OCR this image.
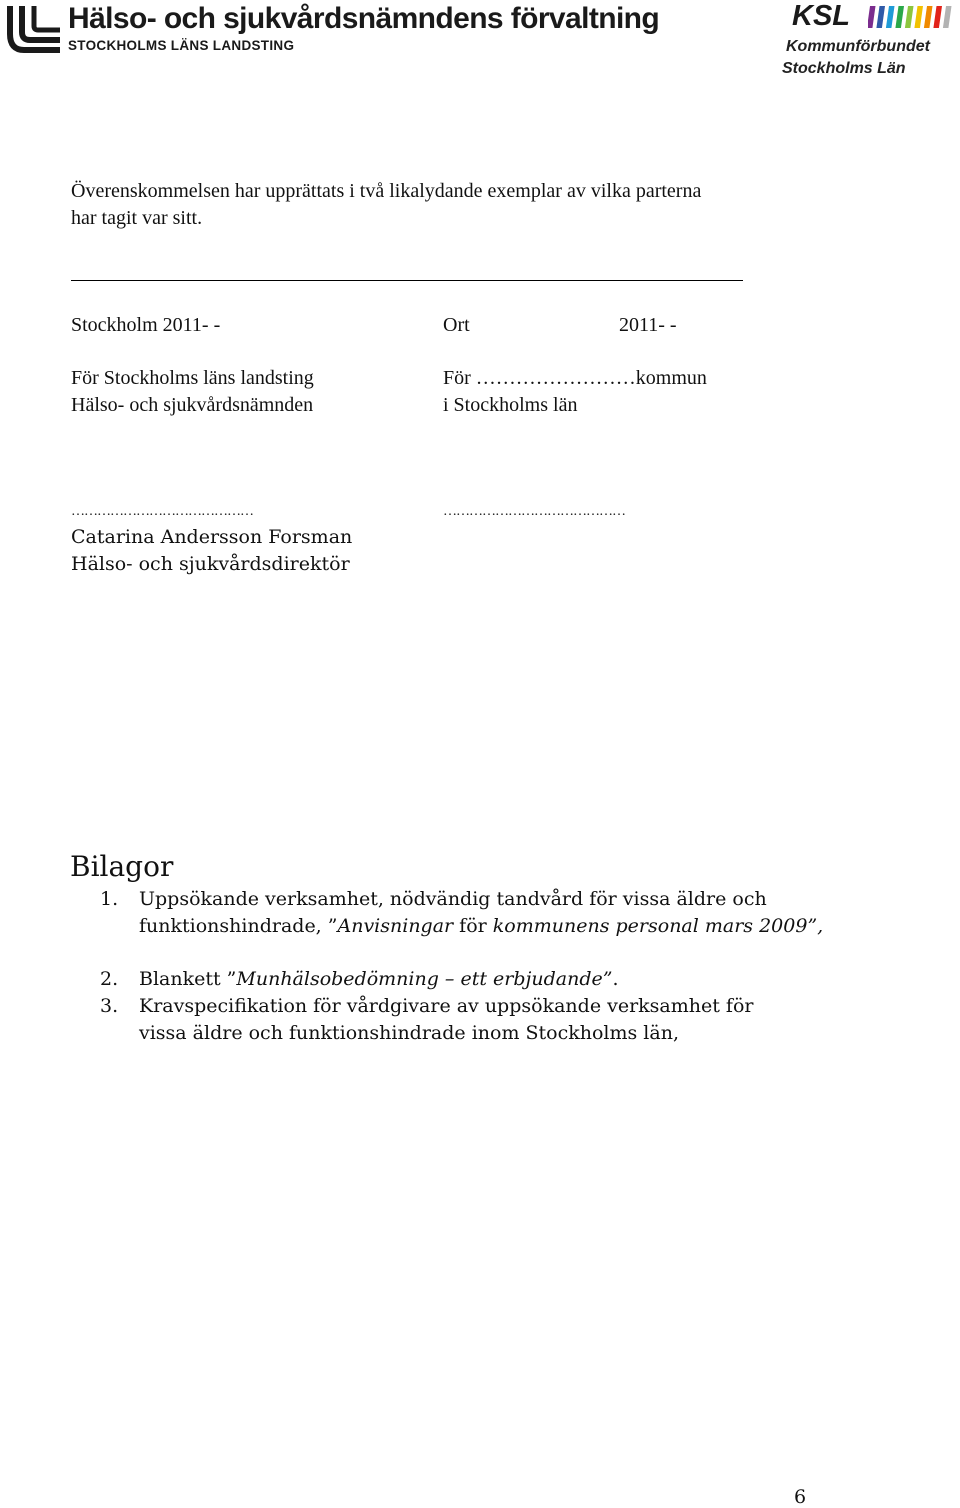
Hälso- och sjukvårdsnämndens förvaltning
STOCKHOLMS LÄNS LANDSTING
KSL
Kommunförbundet
Stockholms Län
Överenskommelsen har upprättats i två likalydande exemplar av vilka parterna
har tagit var sitt.
Stockholm 2011- -
För Stockholms läns landsting
Hälso- och sjukvårdsnämnden
Ort	2011- -
För ……………………kommun
i Stockholms län
……………………………………	……………………………………
Catarina Andersson Forsman
Hälso- och sjukvårdsdirektör
Bilagor
1. Uppsökande verksamhet, nödvändig tandvård för vissa äldre och funktionshindrade, ”Anvisningar för kommunens personal mars 2009”,
2. Blankett ”Munhälsobedömning – ett erbjudande”.
3. Kravspecifikation för vårdgivare av uppsökande verksamhet för vissa äldre och funktionshindrade inom Stockholms län,
6
